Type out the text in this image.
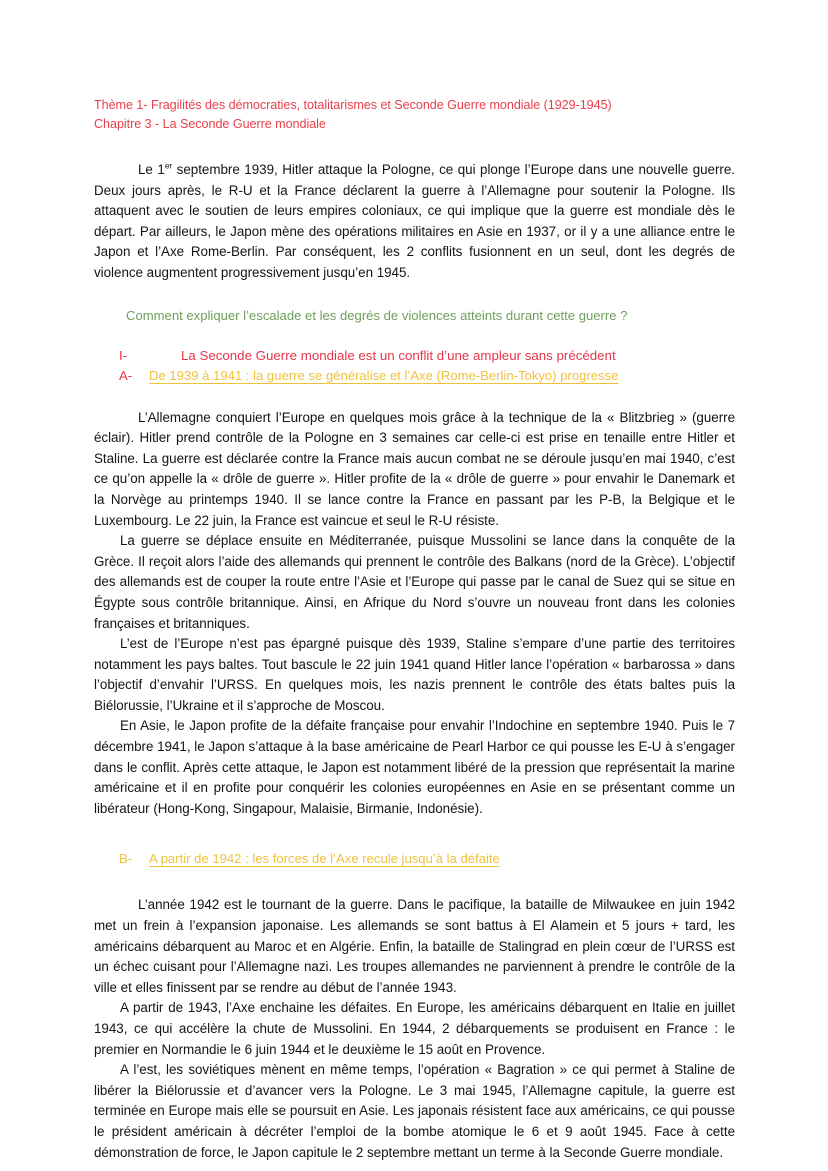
Thème 1- Fragilités des démocraties, totalitarismes et Seconde Guerre mondiale (1929-1945)
Chapitre 3 - La Seconde Guerre mondiale

Le 1er septembre 1939, Hitler attaque la Pologne, ce qui plonge l’Europe dans une nouvelle guerre. Deux jours après, le R-U et la France déclarent la guerre à l’Allemagne pour soutenir la Pologne. Ils attaquent avec le soutien de leurs empires coloniaux, ce qui implique que la guerre est mondiale dès le départ. Par ailleurs, le Japon mène des opérations militaires en Asie en 1937, or il y a une alliance entre le Japon et l’Axe Rome-Berlin. Par conséquent, les 2 conflits fusionnent en un seul, dont les degrés de violence augmentent progressivement jusqu’en 1945.

Comment expliquer l’escalade et les degrés de violences atteints durant cette guerre ?

I-	La Seconde Guerre mondiale est un conflit d’une ampleur sans précédent
A-	De 1939 à 1941 : la guerre se généralise et l’Axe (Rome-Berlin-Tokyo) progresse

L’Allemagne conquiert l’Europe en quelques mois grâce à la technique de la « Blitzbrieg » (guerre éclair). Hitler prend contrôle de la Pologne en 3 semaines car celle-ci est prise en tenaille entre Hitler et Staline. La guerre est déclarée contre la France mais aucun combat ne se déroule jusqu’en mai 1940, c’est ce qu’on appelle la « drôle de guerre ». Hitler profite de la « drôle de guerre » pour envahir le Danemark et la Norvège au printemps 1940. Il se lance contre la France en passant par les P-B, la Belgique et le Luxembourg. Le 22 juin, la France est vaincue et seul le R-U résiste.

La guerre se déplace ensuite en Méditerranée, puisque Mussolini se lance dans la conquête de la Grèce. Il reçoit alors l’aide des allemands qui prennent le contrôle des Balkans (nord de la Grèce). L’objectif des allemands est de couper la route entre l’Asie et l’Europe qui passe par le canal de Suez qui se situe en Égypte sous contrôle britannique. Ainsi, en Afrique du Nord s’ouvre un nouveau front dans les colonies françaises et britanniques.

L’est de l’Europe n’est pas épargné puisque dès 1939, Staline s’empare d’une partie des territoires notamment les pays baltes. Tout bascule le 22 juin 1941 quand Hitler lance l’opération « barbarossa » dans l’objectif d’envahir l’URSS. En quelques mois, les nazis prennent le contrôle des états baltes puis la Biélorussie, l’Ukraine et il s’approche de Moscou.

En Asie, le Japon profite de la défaite française pour envahir l’Indochine en septembre 1940. Puis le 7 décembre 1941, le Japon s’attaque à la base américaine de Pearl Harbor ce qui pousse les E-U à s’engager dans le conflit. Après cette attaque, le Japon est notamment libéré de la pression que représentait la marine américaine et il en profite pour conquérir les colonies européennes en Asie en se présentant comme un libérateur (Hong-Kong, Singapour, Malaisie, Birmanie, Indonésie).

B-	A partir de 1942 : les forces de l’Axe recule jusqu’à la défaite

L’année 1942 est le tournant de la guerre. Dans le pacifique, la bataille de Milwaukee en juin 1942 met un frein à l’expansion japonaise. Les allemands se sont battus à El Alamein et 5 jours + tard, les américains débarquent au Maroc et en Algérie. Enfin, la bataille de Stalingrad en plein cœur de l’URSS est un échec cuisant pour l’Allemagne nazi. Les troupes allemandes ne parviennent à prendre le contrôle de la ville et elles finissent par se rendre au début de l’année 1943.

A partir de 1943, l’Axe enchaine les défaites. En Europe, les américains débarquent en Italie en juillet 1943, ce qui accélère la chute de Mussolini. En 1944, 2 débarquements se produisent en France : le premier en Normandie le 6 juin 1944 et le deuxième le 15 août en Provence.

A l’est, les soviétiques mènent en même temps, l’opération « Bagration » ce qui permet à Staline de libérer la Biélorussie et d’avancer vers la Pologne. Le 3 mai 1945, l’Allemagne capitule, la guerre est terminée en Europe mais elle se poursuit en Asie. Les japonais résistent face aux américains, ce qui pousse le président américain à décréter l’emploi de la bombe atomique le 6 et 9 août 1945. Face à cette démonstration de force, le Japon capitule le 2 septembre mettant un terme à la Seconde Guerre mondiale.
